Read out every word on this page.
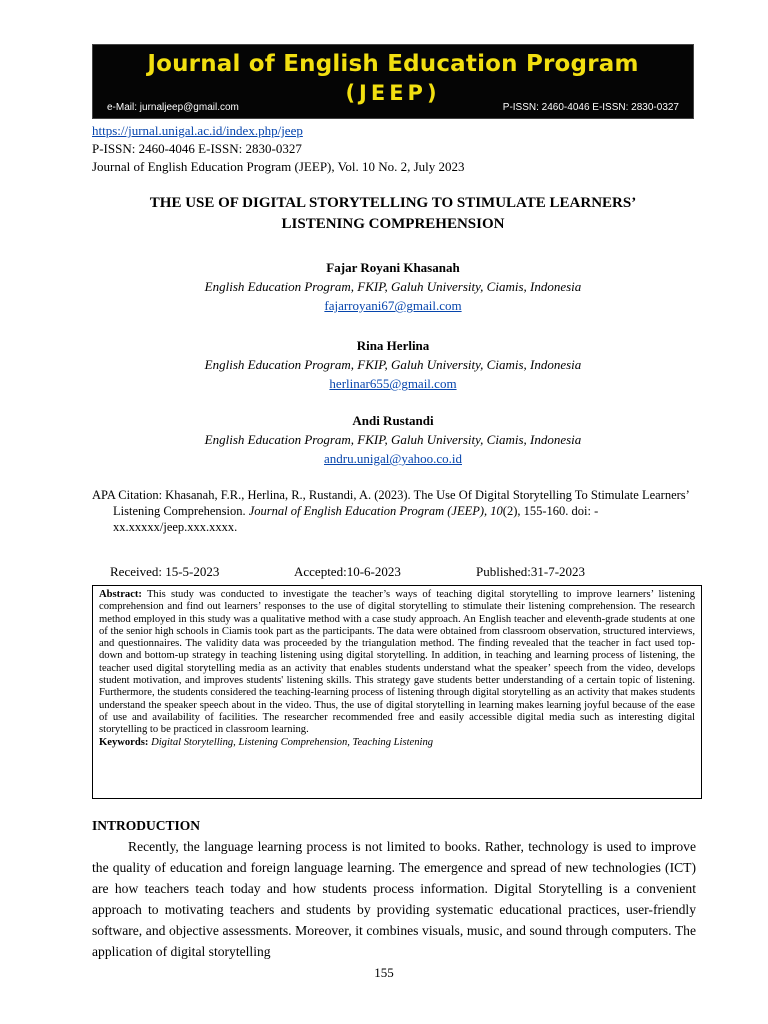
Journal of English Education Program
(JEEP)
e-Mail: jurnaljeep@gmail.com	P-ISSN: 2460-4046 E-ISSN: 2830-0327
https://jurnal.unigal.ac.id/index.php/jeep
P-ISSN: 2460-4046 E-ISSN: 2830-0327
Journal of English Education Program (JEEP), Vol. 10 No. 2, July 2023
THE USE OF DIGITAL STORYTELLING TO STIMULATE LEARNERS’
LISTENING COMPREHENSION
Fajar Royani Khasanah
English Education Program, FKIP, Galuh University, Ciamis, Indonesia
fajarroyani67@gmail.com
Rina Herlina
English Education Program, FKIP, Galuh University, Ciamis, Indonesia
herlinar655@gmail.com
Andi Rustandi
English Education Program, FKIP, Galuh University, Ciamis, Indonesia
andru.unigal@yahoo.co.id
APA Citation: Khasanah, F.R., Herlina, R., Rustandi, A. (2023). The Use Of Digital Storytelling To Stimulate Learners’ Listening Comprehension. Journal of English Education Program (JEEP), 10(2), 155-160. doi: -xx.xxxxx/jeep.xxx.xxxx.
Received: 15-5-2023	Accepted:10-6-2023	Published:31-7-2023
Abstract: This study was conducted to investigate the teacher’s ways of teaching digital storytelling to improve learners’ listening comprehension and find out learners’ responses to the use of digital storytelling to stimulate their listening comprehension. The research method employed in this study was a qualitative method with a case study approach. An English teacher and eleventh-grade students at one of the senior high schools in Ciamis took part as the participants. The data were obtained from classroom observation, structured interviews, and questionnaires. The validity data was proceeded by the triangulation method. The finding revealed that the teacher in fact used top-down and bottom-up strategy in teaching listening using digital storytelling. In addition, in teaching and learning process of listening, the teacher used digital storytelling media as an activity that enables students understand what the speaker’ speech from the video, develops student motivation, and improves students' listening skills. This strategy gave students better understanding of a certain topic of listening. Furthermore, the students considered the teaching-learning process of listening through digital storytelling as an activity that makes students understand the speaker speech about in the video. Thus, the use of digital storytelling in learning makes learning joyful because of the ease of use and availability of facilities. The researcher recommended free and easily accessible digital media such as interesting digital storytelling to be practiced in classroom learning.
Keywords: Digital Storytelling, Listening Comprehension, Teaching Listening
INTRODUCTION

Recently, the language learning process is not limited to books. Rather, technology is used to improve the quality of education and foreign language learning. The emergence and spread of new technologies (ICT) are how teachers teach today and how students process information. Digital Storytelling is a convenient approach to motivating teachers and students by providing systematic educational practices, user-friendly software, and objective assessments. Moreover, it combines visuals, music, and sound through computers. The application of digital storytelling

155
